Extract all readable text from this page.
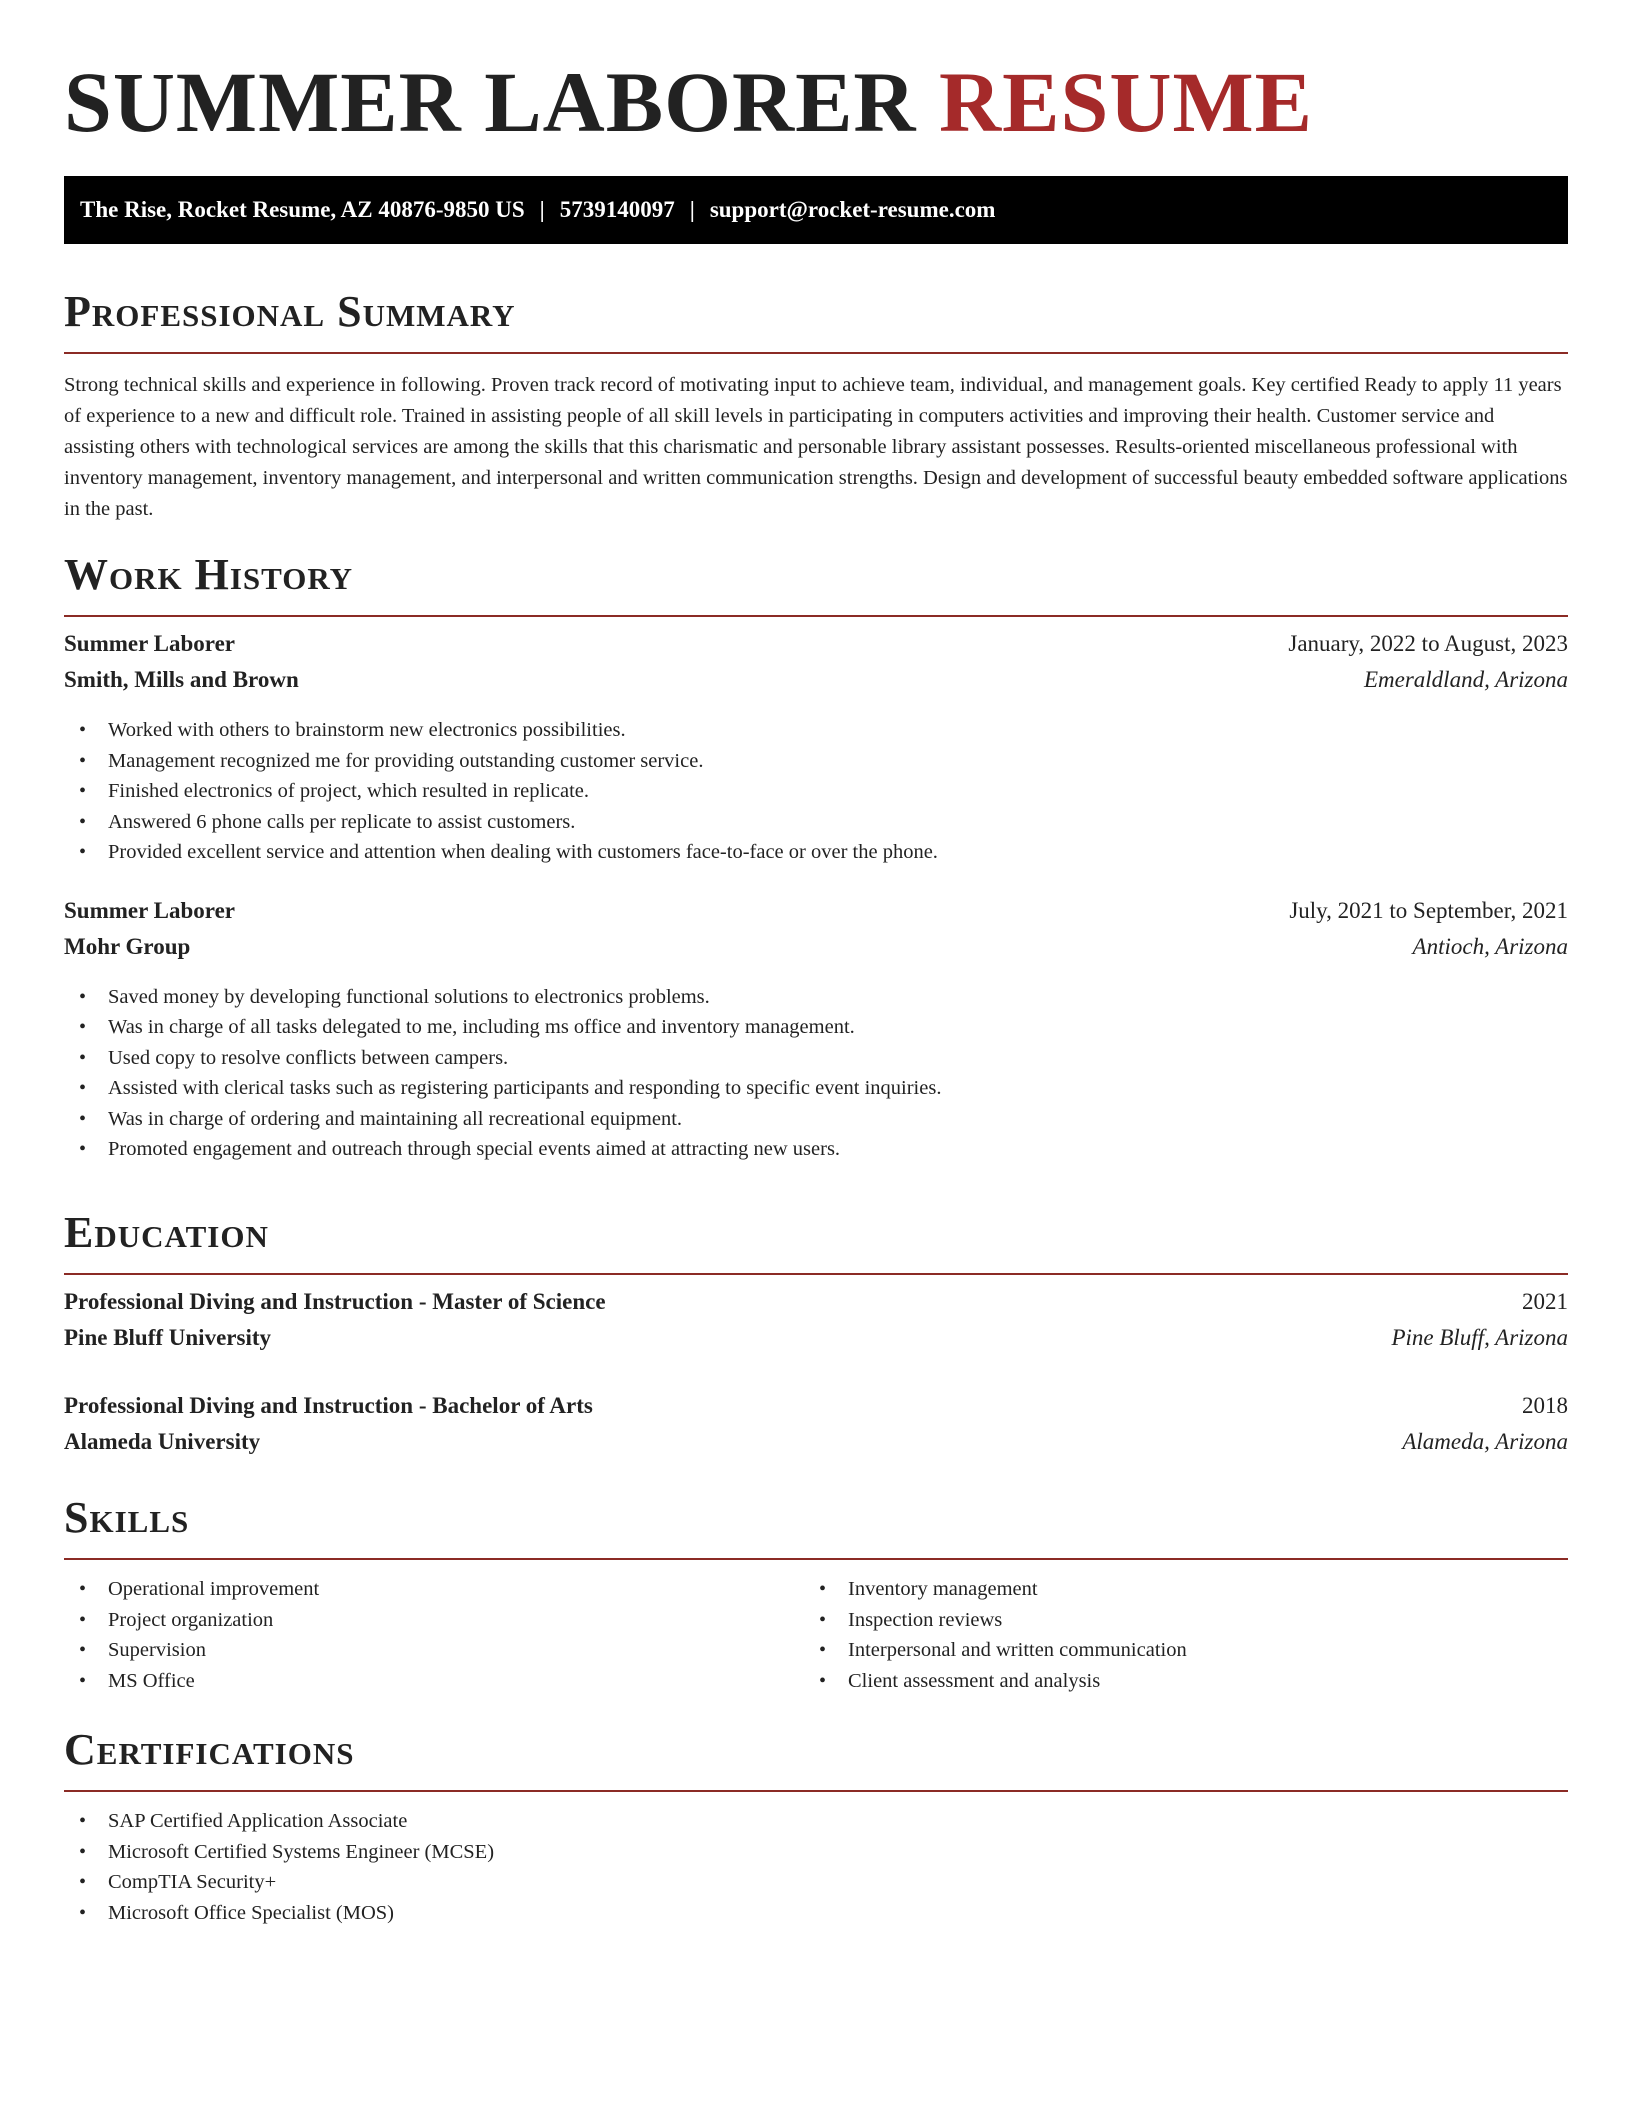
SUMMER LABORER RESUME
The Rise, Rocket Resume, AZ 40876-9850 US | 5739140097 | support@rocket-resume.com
Professional Summary

Strong technical skills and experience in following. Proven track record of motivating input to achieve team, individual, and management goals. Key certified Ready to apply 11 years of experience to a new and difficult role. Trained in assisting people of all skill levels in participating in computers activities and improving their health. Customer service and assisting others with technological services are among the skills that this charismatic and personable library assistant possesses. Results-oriented miscellaneous professional with inventory management, inventory management, and interpersonal and written communication strengths. Design and development of successful beauty embedded software applications in the past.

Work History
Summer Laborer	January, 2022 to August, 2023
Smith, Mills and Brown	Emeraldland, Arizona
• Worked with others to brainstorm new electronics possibilities.
• Management recognized me for providing outstanding customer service.
• Finished electronics of project, which resulted in replicate.
• Answered 6 phone calls per replicate to assist customers.
• Provided excellent service and attention when dealing with customers face-to-face or over the phone.
Summer Laborer	July, 2021 to September, 2021
Mohr Group	Antioch, Arizona
• Saved money by developing functional solutions to electronics problems.
• Was in charge of all tasks delegated to me, including ms office and inventory management.
• Used copy to resolve conflicts between campers.
• Assisted with clerical tasks such as registering participants and responding to specific event inquiries.
• Was in charge of ordering and maintaining all recreational equipment.
• Promoted engagement and outreach through special events aimed at attracting new users.
Education
Professional Diving and Instruction - Master of Science	2021
Pine Bluff University	Pine Bluff, Arizona
Professional Diving and Instruction - Bachelor of Arts	2018
Alameda University	Alameda, Arizona
Skills
• Operational improvement
• Project organization
• Supervision
• MS Office
• Inventory management
• Inspection reviews
• Interpersonal and written communication
• Client assessment and analysis
Certifications
• SAP Certified Application Associate
• Microsoft Certified Systems Engineer (MCSE)
• CompTIA Security+
• Microsoft Office Specialist (MOS)
